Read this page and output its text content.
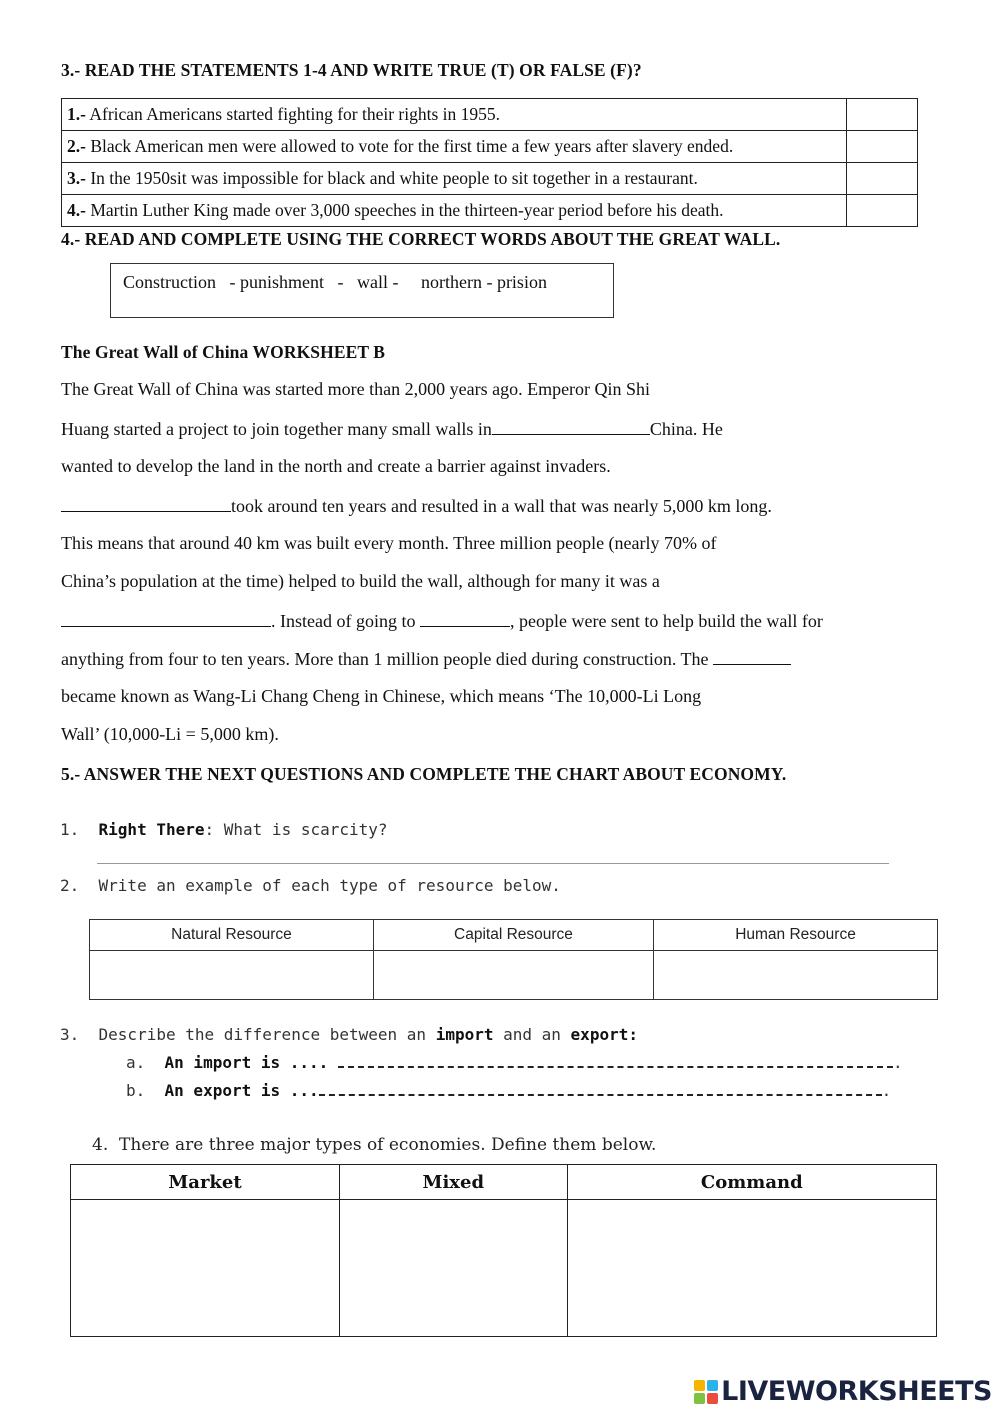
3.- READ THE STATEMENTS 1-4 AND WRITE TRUE (T) OR FALSE (F)?
1.- African Americans started fighting for their rights in 1955.	
2.- Black American men were allowed to vote for the first time a few years after slavery ended.	
3.- In the 1950sit was impossible for black and white people to sit together in a restaurant.	
4.- Martin Luther King made over 3,000 speeches in the thirteen-year period before his death.	
4.- READ AND COMPLETE USING THE CORRECT WORDS ABOUT THE GREAT WALL.
Construction   - punishment   -   wall -     northern - prision
The Great Wall of China WORKSHEET B
The Great Wall of China was started more than 2,000 years ago. Emperor Qin Shi
Huang started a project to join together many small walls in	China. He
wanted to develop the land in the north and create a barrier against invaders.
took around ten years and resulted in a wall that was nearly 5,000 km long.
This means that around 40 km was built every month. Three million people (nearly 70% of
China’s population at the time) helped to build the wall, although for many it was a
. Instead of going to	, people were sent to help build the wall for
anything from four to ten years. More than 1 million people died during construction. The
became known as Wang-Li Chang Cheng in Chinese, which means ‘The 10,000-Li Long
Wall’ (10,000-Li = 5,000 km).
5.- ANSWER THE NEXT QUESTIONS AND COMPLETE THE CHART ABOUT ECONOMY.
1. Right There: What is scarcity?
2. Write an example of each type of resource below.
Natural Resource	Capital Resource	Human Resource

3. Describe the difference between an import and an export:
a. An import is ....	.
b. An export is ...	.
4. There are three major types of economies. Define them below.
Market	Mixed	Command

LIVEWORKSHEETS
